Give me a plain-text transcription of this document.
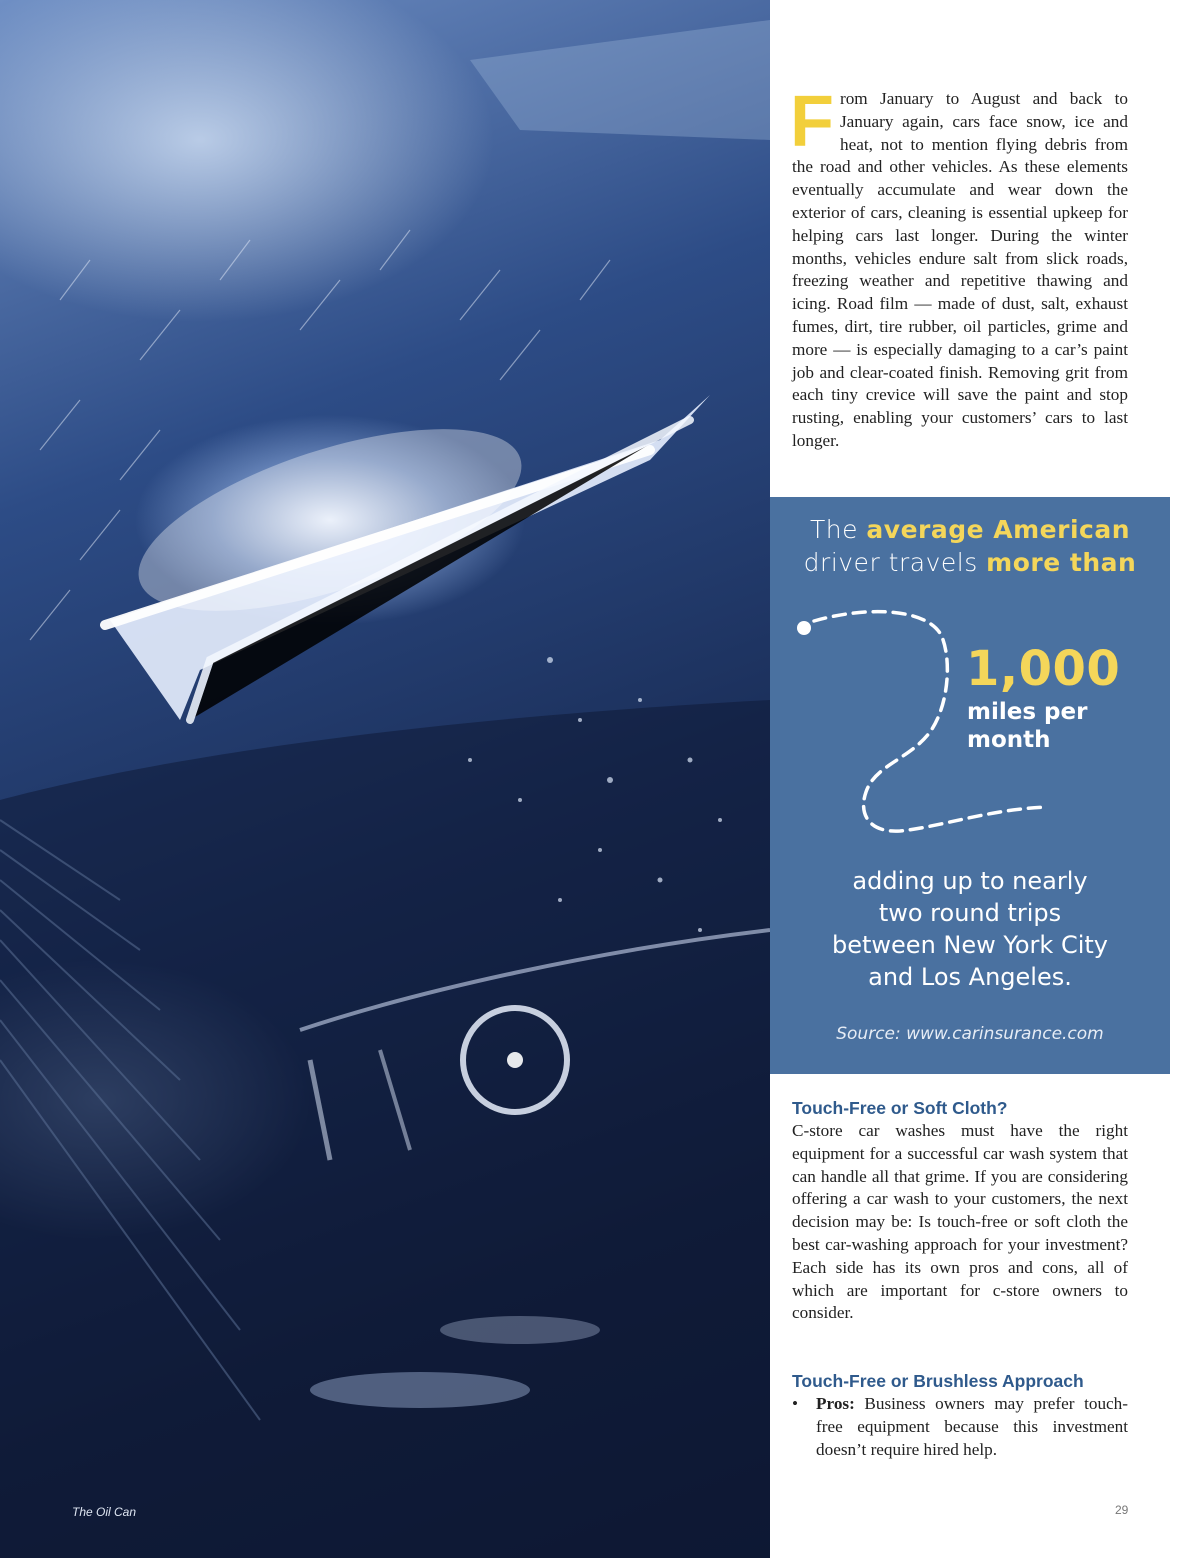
The Oil Can
From January to August and back to January again, cars face snow, ice and heat, not to mention flying debris from the road and other vehicles. As these elements eventually accumulate and wear down the exterior of cars, cleaning is essential upkeep for helping cars last longer. During the winter months, vehicles endure salt from slick roads, freezing weather and repetitive thawing and icing. Road film — made of dust, salt, exhaust fumes, dirt, tire rubber, oil particles, grime and more — is especially damaging to a car’s paint job and clear-coated finish. Removing grit from each tiny crevice will save the paint and stop rusting, enabling your customers’ cars to last longer.
The average American
driver travels more than
1,000
miles per
month
adding up to nearly
two round trips
between New York City
and Los Angeles.
Source: www.carinsurance.com
Touch-Free or Soft Cloth?

C-store car washes must have the right equipment for a successful car wash system that can handle all that grime. If you are considering offering a car wash to your customers, the next decision may be: Is touch-free or soft cloth the best car-washing approach for your investment? Each side has its own pros and cons, all of which are important for c-store owners to consider.

Touch-Free or Brushless Approach

• Pros: Business owners may prefer touch-free equipment because this investment doesn’t require hired help.

29
